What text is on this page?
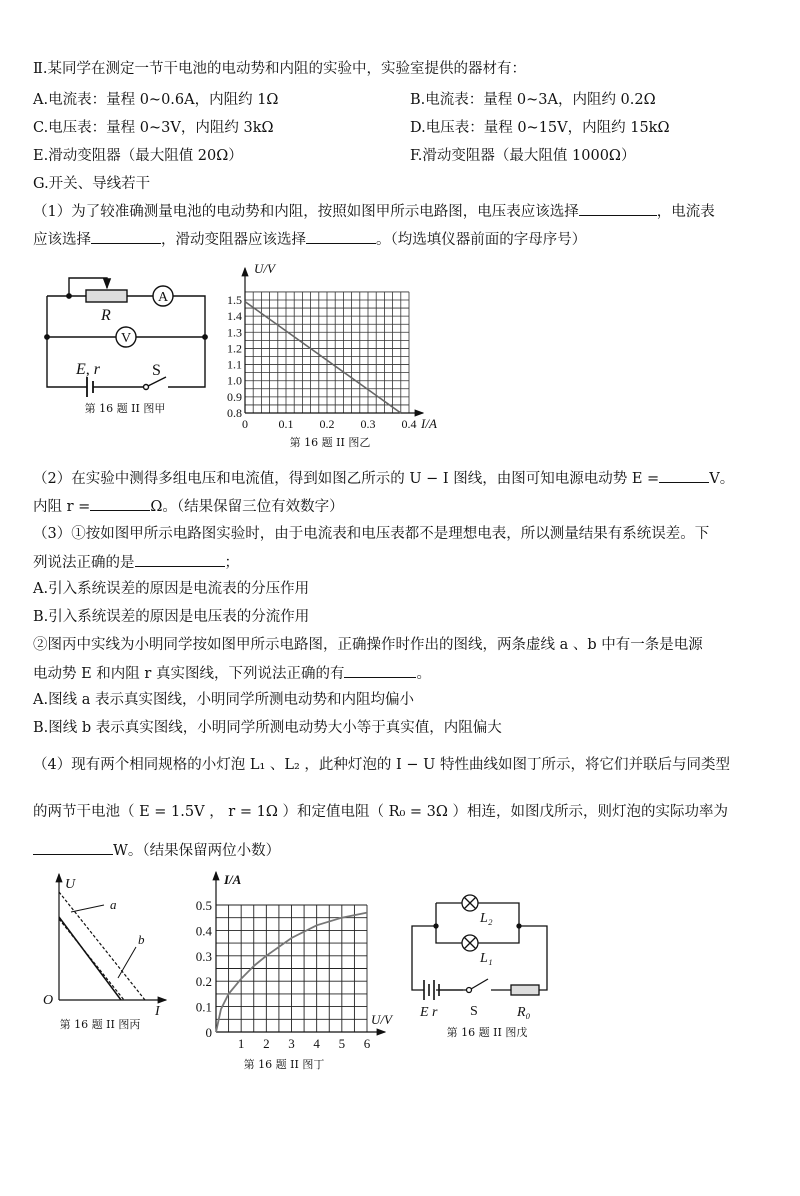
Ⅱ.某同学在测定一节干电池的电动势和内阻的实验中，实验室提供的器材有：
A.电流表：量程 0~0.6A，内阻约 1Ω	B.电流表：量程 0~3A，内阻约 0.2Ω
C.电压表：量程 0~3V，内阻约 3kΩ	D.电压表：量程 0~15V，内阻约 15kΩ
E.滑动变阻器（最大阻值 20Ω）	F.滑动变阻器（最大阻值 1000Ω）
G.开关、导线若干
（1）为了较准确测量电池的电动势和内阻，按照如图甲所示电路图，电压表应该选择	，电流表
应该选择	，滑动变阻器应该选择	。（均选填仪器前面的字母序号）
（2）在实验中测得多组电压和电流值，得到如图乙所示的 U − I 图线，由图可知电源电动势 E =	V。
内阻 r =	Ω。（结果保留三位有效数字）
（3）①按如图甲所示电路图实验时，由于电流表和电压表都不是理想电表，所以测量结果有系统误差。下
列说法正确的是	；
A.引入系统误差的原因是电流表的分压作用
B.引入系统误差的原因是电压表的分流作用
②图丙中实线为小明同学按如图甲所示电路图，正确操作时作出的图线，两条虚线 a 、b 中有一条是电源
电动势 E 和内阻 r 真实图线，下列说法正确的有	。
A.图线 a 表示真实图线，小明同学所测电动势和内阻均偏小
B.图线 b 表示真实图线，小明同学所测电动势大小等于真实值，内阻偏大
（4）现有两个相同规格的小灯泡 L₁ 、L₂ ，此种灯泡的 I − U 特性曲线如图丁所示，将它们并联后与同类型
的两节干电池（ E = 1.5V ， r = 1Ω ）和定值电阻（ R₀ = 3Ω ）相连，如图戊所示，则灯泡的实际功率为
W。（结果保留两位小数）
R
A
V
E, r	S
第 16 题 II 图甲
1.5
1.4
1.3
1.2
1.1
1.0
0.9
0.8
0	0.1 0.2 0.3 0.4
U/V
I/A
第 16 题 II 图乙
U
I
O
a
b
第 16 题 II 图丙
0.5
0.4
0.3
0.2
0.1
0
1 2 3 4 5 6
I/A
U/V
第 16 题 II 图丁
L₂
L₁
E r S	R₀
第 16 题 II 图戊
